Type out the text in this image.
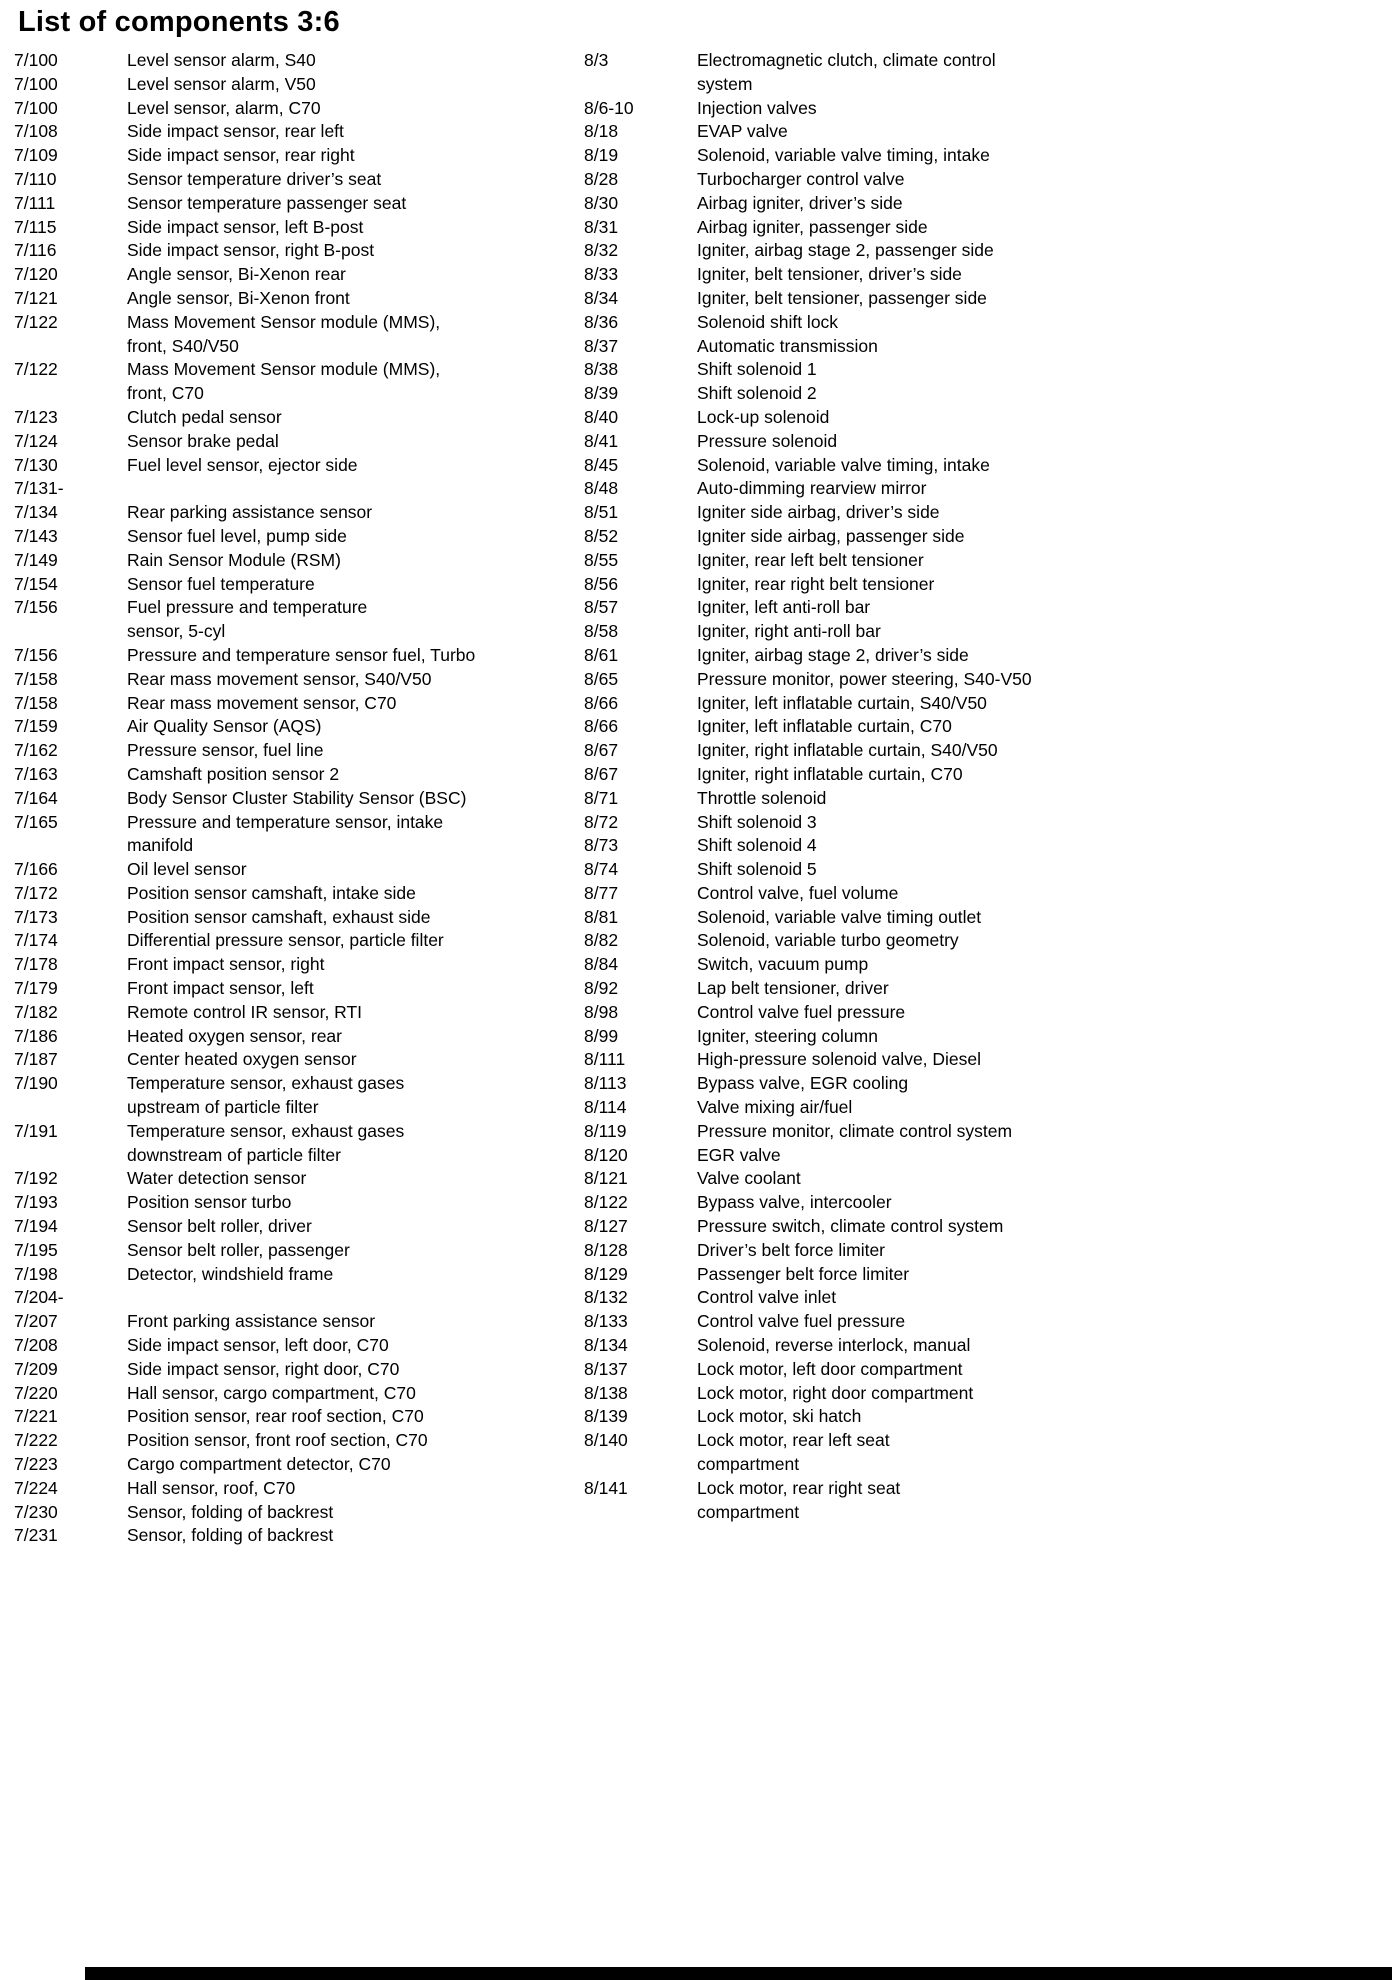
List of components 3:6
7/100	Level sensor alarm, S40
7/100	Level sensor alarm, V50
7/100	Level sensor, alarm, C70
7/108	Side impact sensor, rear left
7/109	Side impact sensor, rear right
7/110	Sensor temperature driver’s seat
7/111	Sensor temperature passenger seat
7/115	Side impact sensor, left B-post
7/116	Side impact sensor, right B-post
7/120	Angle sensor, Bi-Xenon rear
7/121	Angle sensor, Bi-Xenon front
7/122	Mass Movement Sensor module (MMS),
front, S40/V50
7/122	Mass Movement Sensor module (MMS),
front, C70
7/123	Clutch pedal sensor
7/124	Sensor brake pedal
7/130	Fuel level sensor, ejector side
7/131-
7/134	Rear parking assistance sensor
7/143	Sensor fuel level, pump side
7/149	Rain Sensor Module (RSM)
7/154	Sensor fuel temperature
7/156	Fuel pressure and temperature
sensor, 5-cyl
7/156	Pressure and temperature sensor fuel, Turbo
7/158	Rear mass movement sensor, S40/V50
7/158	Rear mass movement sensor, C70
7/159	Air Quality Sensor (AQS)
7/162	Pressure sensor, fuel line
7/163	Camshaft position sensor 2
7/164	Body Sensor Cluster Stability Sensor (BSC)
7/165	Pressure and temperature sensor, intake
manifold
7/166	Oil level sensor
7/172	Position sensor camshaft, intake side
7/173	Position sensor camshaft, exhaust side
7/174	Differential pressure sensor, particle filter
7/178	Front impact sensor, right
7/179	Front impact sensor, left
7/182	Remote control IR sensor, RTI
7/186	Heated oxygen sensor, rear
7/187	Center heated oxygen sensor
7/190	Temperature sensor, exhaust gases
upstream of particle filter
7/191	Temperature sensor, exhaust gases
downstream of particle filter
7/192	Water detection sensor
7/193	Position sensor turbo
7/194	Sensor belt roller, driver
7/195	Sensor belt roller, passenger
7/198	Detector, windshield frame
7/204-
7/207	Front parking assistance sensor
7/208	Side impact sensor, left door, C70
7/209	Side impact sensor, right door, C70
7/220	Hall sensor, cargo compartment, C70
7/221	Position sensor, rear roof section, C70
7/222	Position sensor, front roof section, C70
7/223	Cargo compartment detector, C70
7/224	Hall sensor, roof, C70
7/230	Sensor, folding of backrest
7/231	Sensor, folding of backrest
8/3	Electromagnetic clutch, climate control
system
8/6-10	Injection valves
8/18	EVAP valve
8/19	Solenoid, variable valve timing, intake
8/28	Turbocharger control valve
8/30	Airbag igniter, driver’s side
8/31	Airbag igniter, passenger side
8/32	Igniter, airbag stage 2, passenger side
8/33	Igniter, belt tensioner, driver’s side
8/34	Igniter, belt tensioner, passenger side
8/36	Solenoid shift lock
8/37	Automatic transmission
8/38	Shift solenoid 1
8/39	Shift solenoid 2
8/40	Lock-up solenoid
8/41	Pressure solenoid
8/45	Solenoid, variable valve timing, intake
8/48	Auto-dimming rearview mirror
8/51	Igniter side airbag, driver’s side
8/52	Igniter side airbag, passenger side
8/55	Igniter, rear left belt tensioner
8/56	Igniter, rear right belt tensioner
8/57	Igniter, left anti-roll bar
8/58	Igniter, right anti-roll bar
8/61	Igniter, airbag stage 2, driver’s side
8/65	Pressure monitor, power steering, S40-V50
8/66	Igniter, left inflatable curtain, S40/V50
8/66	Igniter, left inflatable curtain, C70
8/67	Igniter, right inflatable curtain, S40/V50
8/67	Igniter, right inflatable curtain, C70
8/71	Throttle solenoid
8/72	Shift solenoid 3
8/73	Shift solenoid 4
8/74	Shift solenoid 5
8/77	Control valve, fuel volume
8/81	Solenoid, variable valve timing outlet
8/82	Solenoid, variable turbo geometry
8/84	Switch, vacuum pump
8/92	Lap belt tensioner, driver
8/98	Control valve fuel pressure
8/99	Igniter, steering column
8/111	High-pressure solenoid valve, Diesel
8/113	Bypass valve, EGR cooling
8/114	Valve mixing air/fuel
8/119	Pressure monitor, climate control system
8/120	EGR valve
8/121	Valve coolant
8/122	Bypass valve, intercooler
8/127	Pressure switch, climate control system
8/128	Driver’s belt force limiter
8/129	Passenger belt force limiter
8/132	Control valve inlet
8/133	Control valve fuel pressure
8/134	Solenoid, reverse interlock, manual
8/137	Lock motor, left door compartment
8/138	Lock motor, right door compartment
8/139	Lock motor, ski hatch
8/140	Lock motor, rear left seat
compartment
8/141	Lock motor, rear right seat
compartment
